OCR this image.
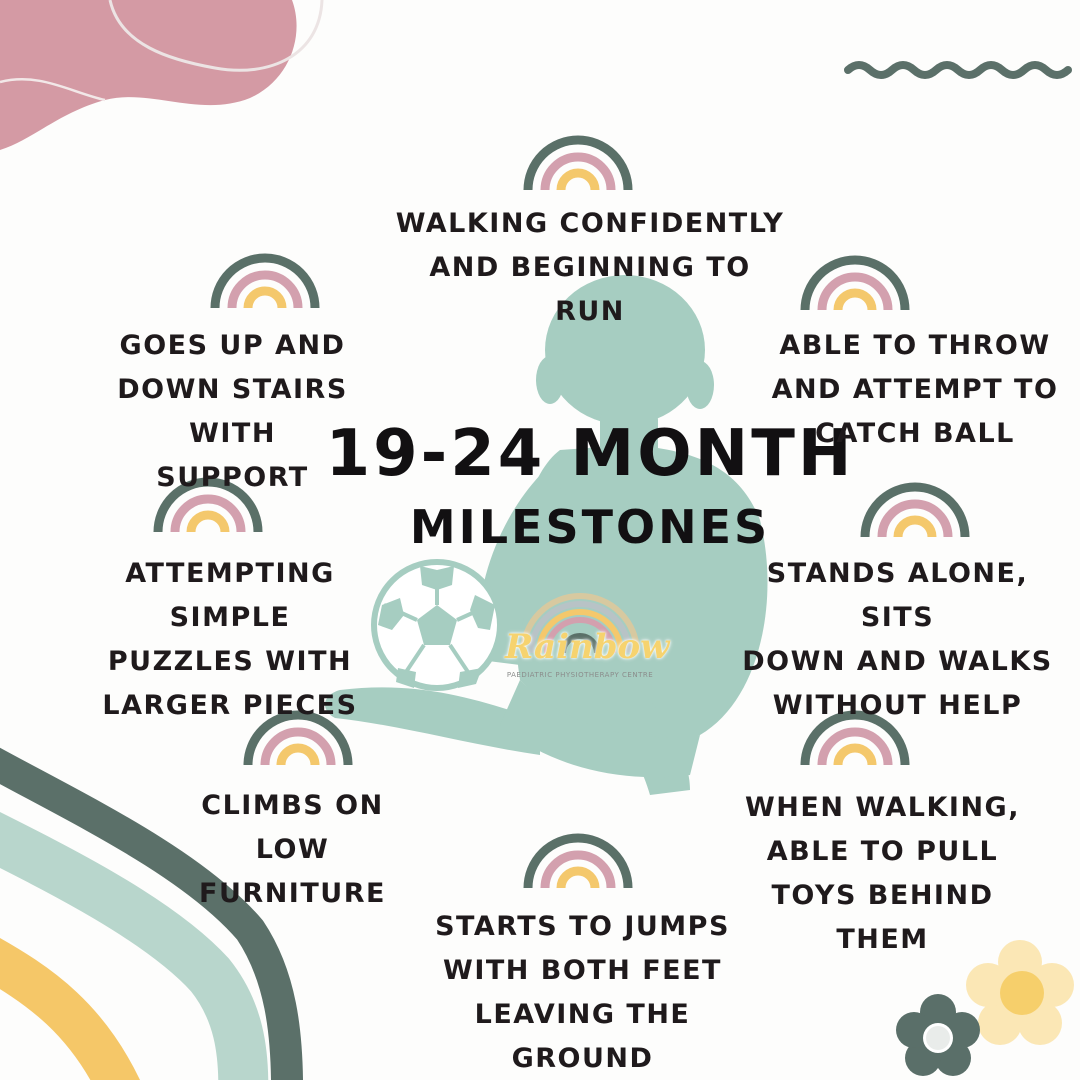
Rainbow
PAEDIATRIC PHYSIOTHERAPY CENTRE
19-24 MONTH
MILESTONES
WALKING CONFIDENTLY
AND BEGINNING TO RUN
GOES UP AND
DOWN STAIRS WITH
SUPPORT
ABLE TO THROW
AND ATTEMPT TO
CATCH BALL
ATTEMPTING SIMPLE
PUZZLES WITH
LARGER PIECES
STANDS ALONE, SITS
DOWN AND WALKS
WITHOUT HELP
CLIMBS ON LOW
FURNITURE
WHEN WALKING,
ABLE TO PULL
TOYS BEHIND THEM
STARTS TO JUMPS
WITH BOTH FEET
LEAVING THE
GROUND
